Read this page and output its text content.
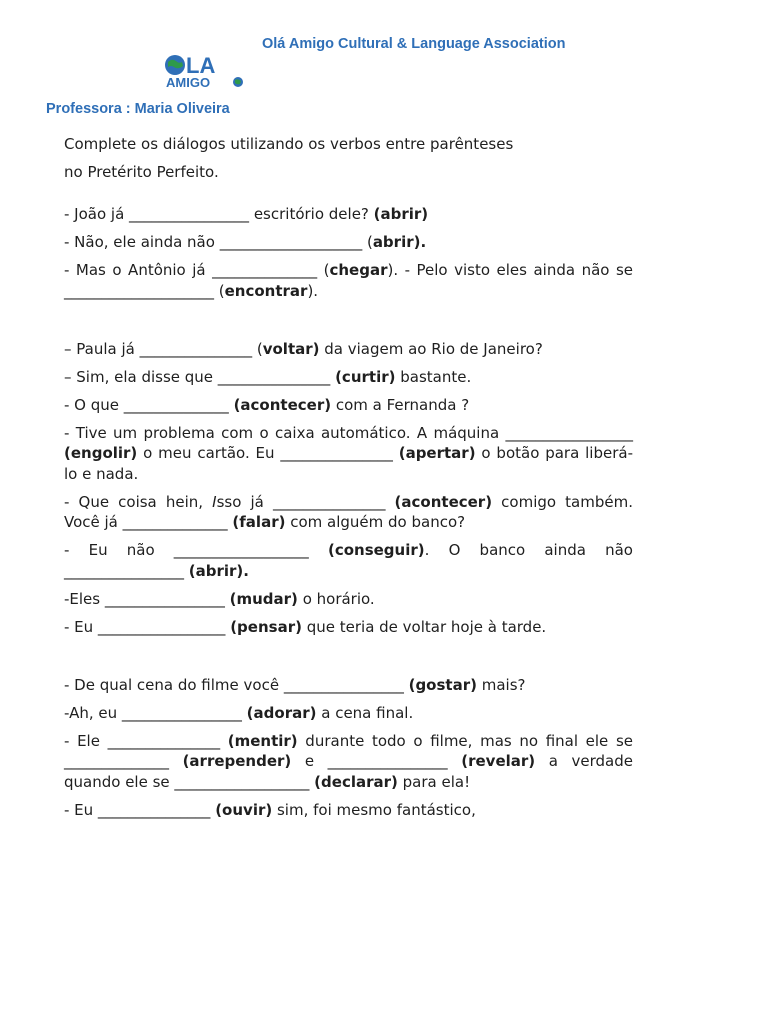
Olá Amigo Cultural & Language Association
LA
AMIGO
Professora : Maria Oliveira

Complete os diálogos utilizando os verbos entre parênteses

no Pretérito Perfeito.

- João já ________________ escritório dele? (abrir)

- Não, ele ainda não ___________________ (abrir).

- Mas o Antônio já ______________ (chegar). - Pelo visto eles ainda não se ____________________ (encontrar).

– Paula já _______________ (voltar) da viagem ao Rio de Janeiro?

– Sim, ela disse que _______________ (curtir) bastante.

- O que ______________ (acontecer) com a Fernanda ?

- Tive um problema com o caixa automático. A máquina _________________ (engolir) o meu cartão. Eu _______________ (apertar) o botão para liberá-lo e nada.

- Que coisa hein, Isso já _______________ (acontecer) comigo também. Você já ______________ (falar) com alguém do banco?

- Eu não __________________ (conseguir). O banco ainda não ________________ (abrir).

-Eles ________________ (mudar) o horário.

- Eu _________________ (pensar) que teria de voltar hoje à tarde.

- De qual cena do filme você ________________ (gostar) mais?

-Ah, eu ________________ (adorar) a cena final.

- Ele _______________ (mentir) durante todo o filme, mas no final ele se ______________ (arrepender) e ________________ (revelar) a verdade quando ele se __________________ (declarar) para ela!

- Eu _______________ (ouvir) sim, foi mesmo fantástico,
